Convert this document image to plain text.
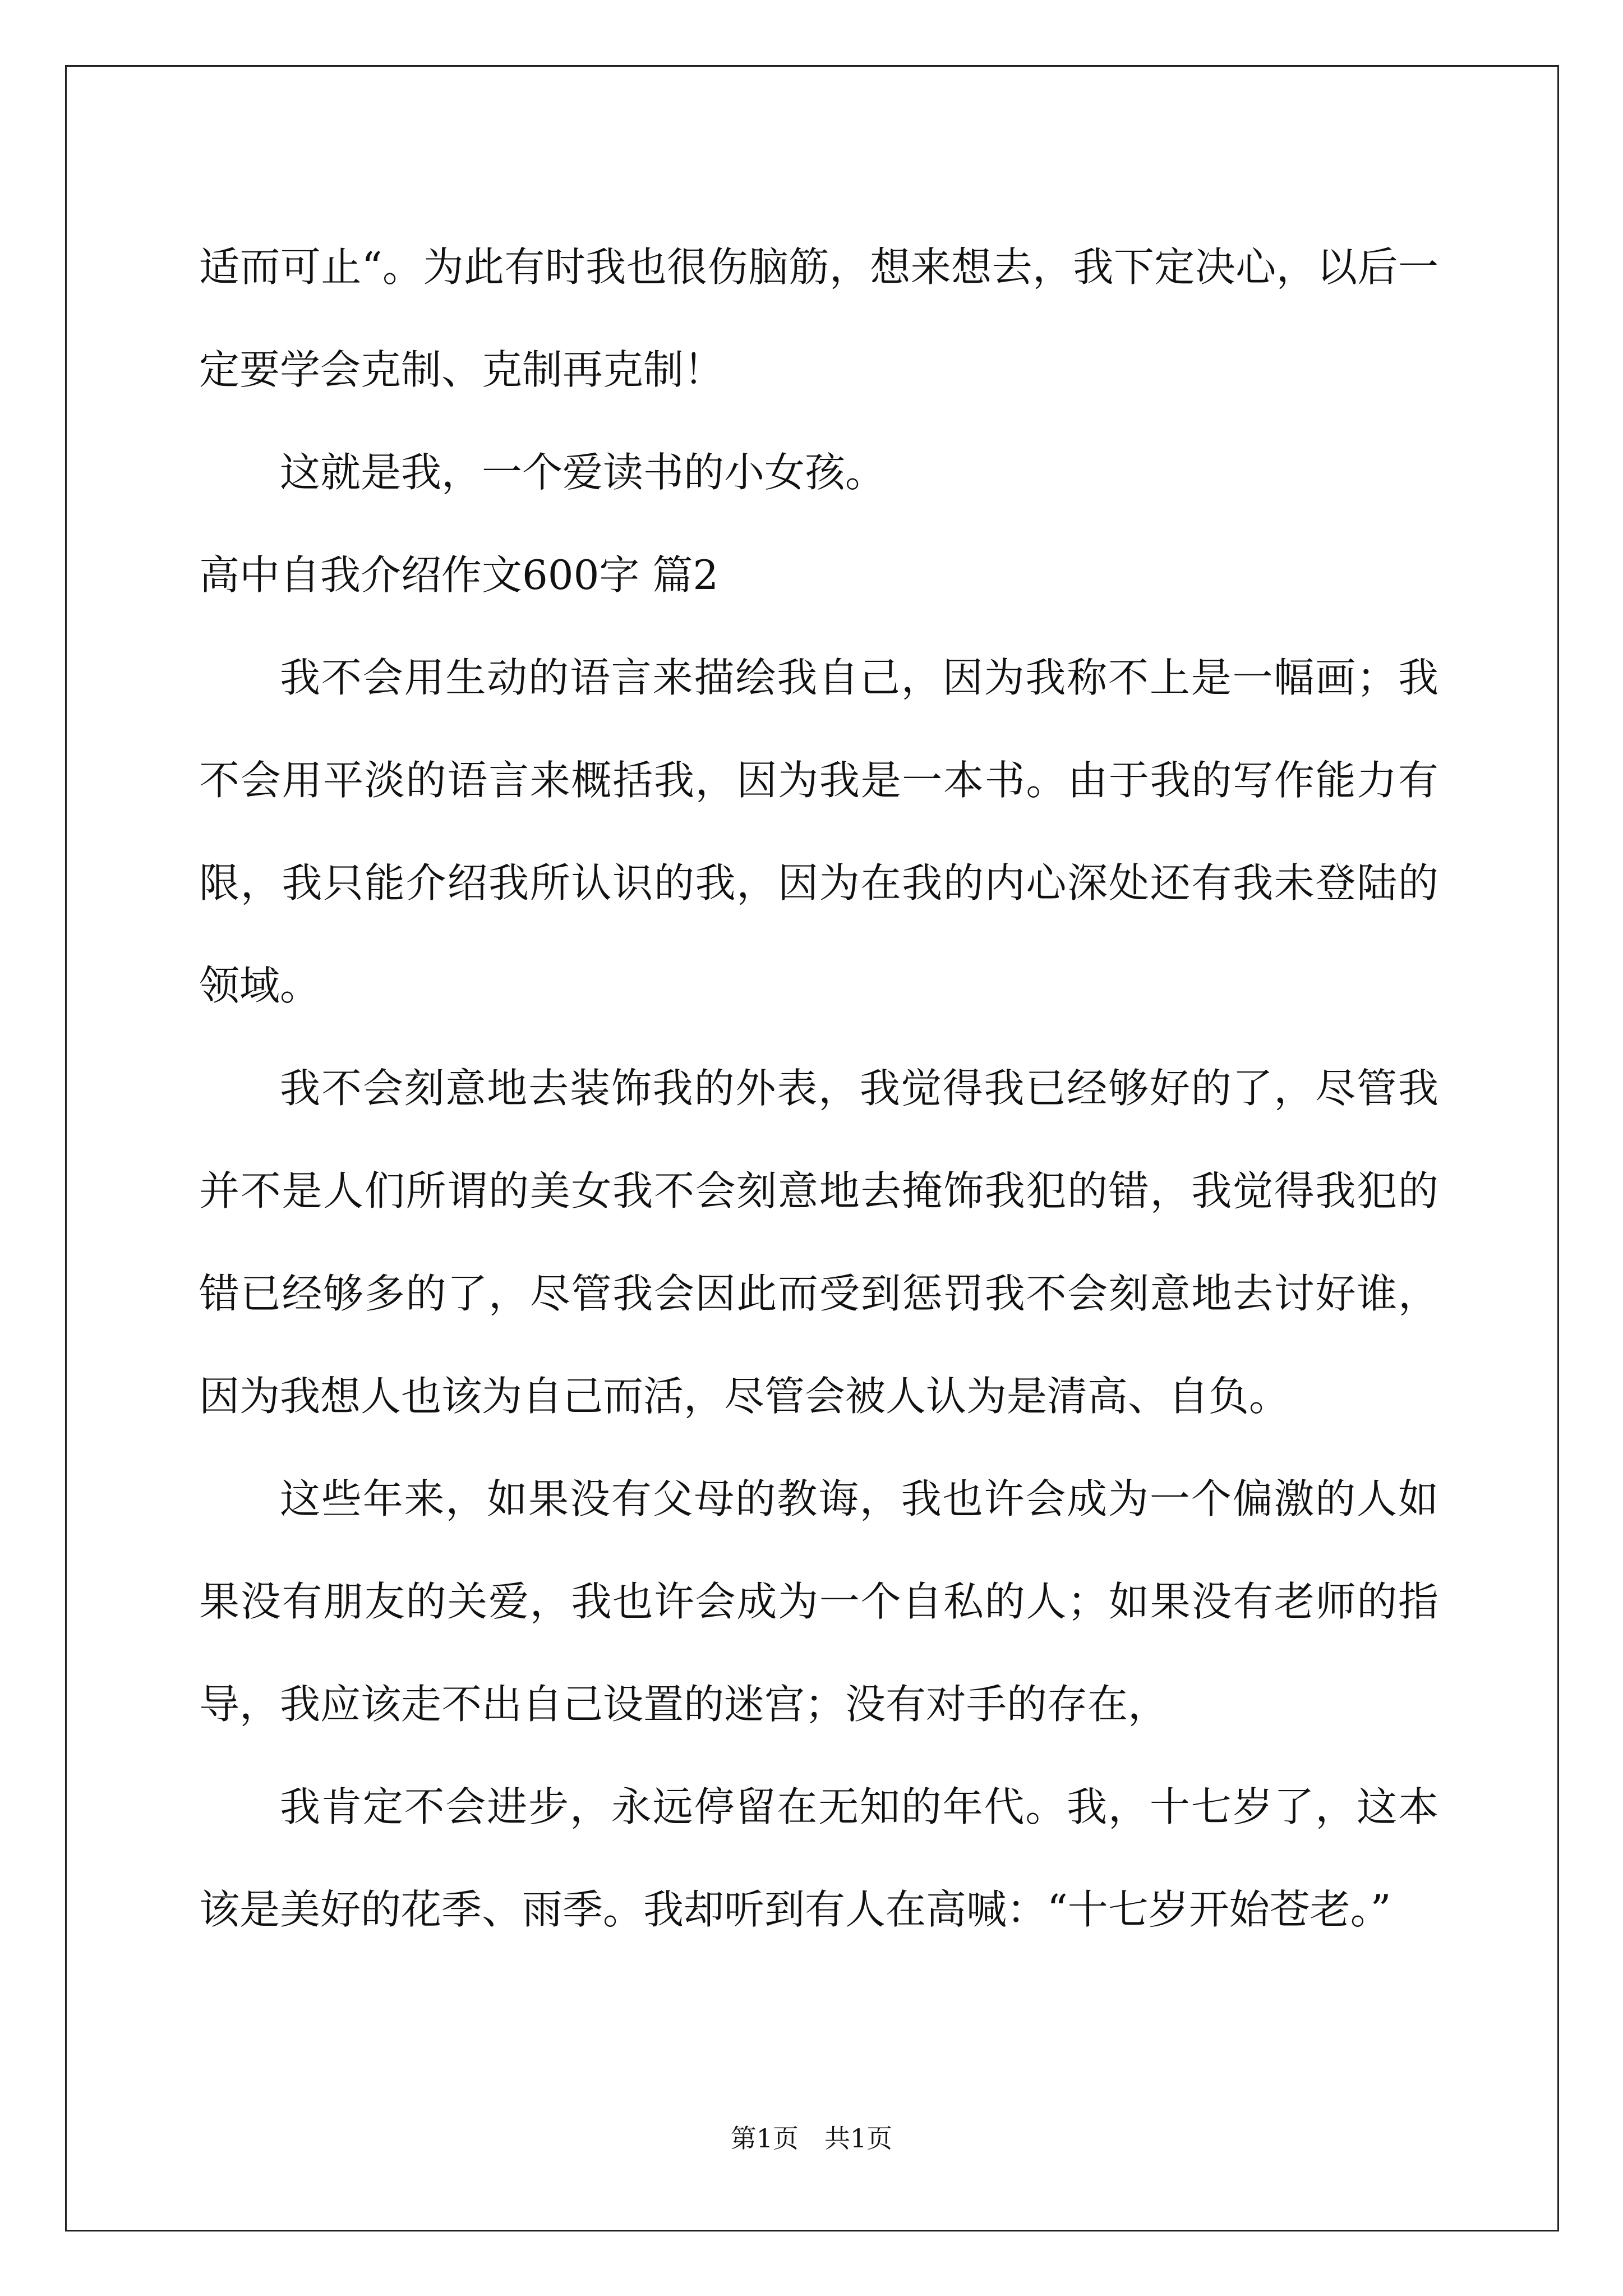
适而可止“。为此有时我也很伤脑筋，想来想去，我下定决心，以后一定要学会克制、克制再克制！

这就是我，一个爱读书的小女孩。

高中自我介绍作文600字 篇2

我不会用生动的语言来描绘我自己，因为我称不上是一幅画；我不会用平淡的语言来概括我，因为我是一本书。由于我的写作能力有限，我只能介绍我所认识的我，因为在我的内心深处还有我未登陆的领域。

我不会刻意地去装饰我的外表，我觉得我已经够好的了，尽管我并不是人们所谓的美女我不会刻意地去掩饰我犯的错，我觉得我犯的错已经够多的了，尽管我会因此而受到惩罚我不会刻意地去讨好谁，因为我想人也该为自己而活，尽管会被人认为是清高、自负。

这些年来，如果没有父母的教诲，我也许会成为一个偏激的人如果没有朋友的关爱，我也许会成为一个自私的人；如果没有老师的指导，我应该走不出自己设置的迷宫；没有对手的存在，

我肯定不会进步，永远停留在无知的年代。我，十七岁了，这本该是美好的花季、雨季。我却听到有人在高喊：“十七岁开始苍老。”

第1页　共1页
